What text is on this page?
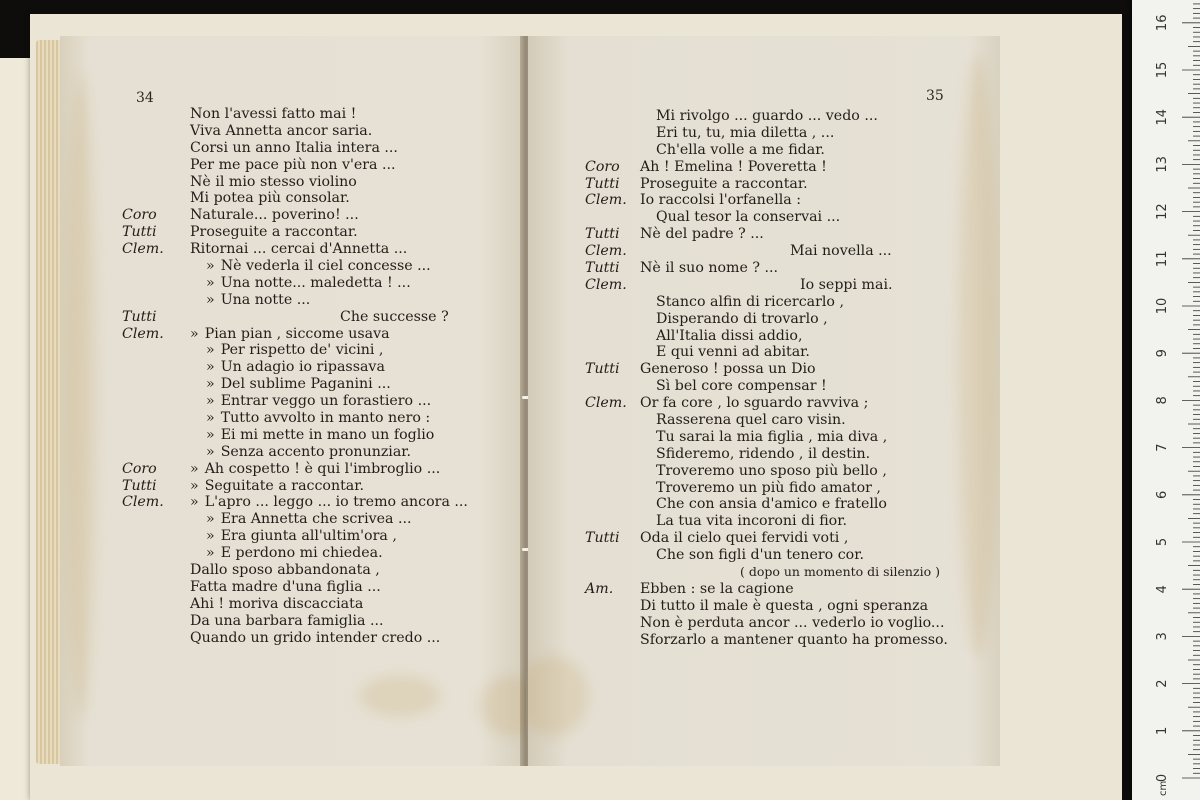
34
Non l'avessi fatto mai !
Viva Annetta ancor saria.
Corsi un anno Italia intera ...
Per me pace più non v'era ...
Nè il mio stesso violino
Mi potea più consolar.
Coro Naturale... poverino! ...
Tutti Proseguite a raccontar.
Clem. Ritornai ... cercai d'Annetta ...
» Nè vederla il ciel concesse ...
» Una notte... maledetta ! ...
» Una notte ...
Tutti	Che successe ?
Clem. » Pian pian , siccome usava
» Per rispetto de' vicini ,
» Un adagio io ripassava
» Del sublime Paganini ...
» Entrar veggo un forastiero ...
» Tutto avvolto in manto nero :
» Ei mi mette in mano un foglio
» Senza accento pronunziar.
Coro » Ah cospetto ! è qui l'imbroglio ...
Tutti » Seguitate a raccontar.
Clem. » L'apro ... leggo ... io tremo ancora ...
» Era Annetta che scrivea ...
» Era giunta all'ultim'ora ,
» E perdono mi chiedea.
Dallo sposo abbandonata ,
Fatta madre d'una figlia ...
Ahi ! moriva discacciata
Da una barbara famiglia ...
Quando un grido intender credo ...
35
Mi rivolgo ... guardo ... vedo ...
Eri tu, tu, mia diletta , ...
Ch'ella volle a me fidar.
Coro Ah ! Emelina ! Poveretta !
Tutti Proseguite a raccontar.
Clem. Io raccolsi l'orfanella :
Qual tesor la conservai ...
Tutti Nè del padre ? ...
Clem.	Mai novella ...
Tutti Nè il suo nome ? ...
Clem.	Io seppi mai.
Stanco alfin di ricercarlo ,
Disperando di trovarlo ,
All'Italia dissi addio,
E qui venni ad abitar.
Tutti Generoso ! possa un Dio
Sì bel core compensar !
Clem. Or fa core , lo sguardo ravviva ;
Rasserena quel caro visin.
Tu sarai la mia figlia , mia diva ,
Sfideremo, ridendo , il destin.
Troveremo uno sposo più bello ,
Troveremo un più fido amator ,
Che con ansia d'amico e fratello
La tua vita incoroni di fior.
Tutti Oda il cielo quei fervidi voti ,
Che son figli d'un tenero cor.
( dopo un momento di silenzio )
Am. Ebben : se la cagione
Di tutto il male è questa , ogni speranza
Non è perduta ancor ... vederlo io voglio...
Sforzarlo a mantener quanto ha promesso.
0
1
2
3
4
5
6
7
8
9
10
11
12
13
14
15
16
cm
